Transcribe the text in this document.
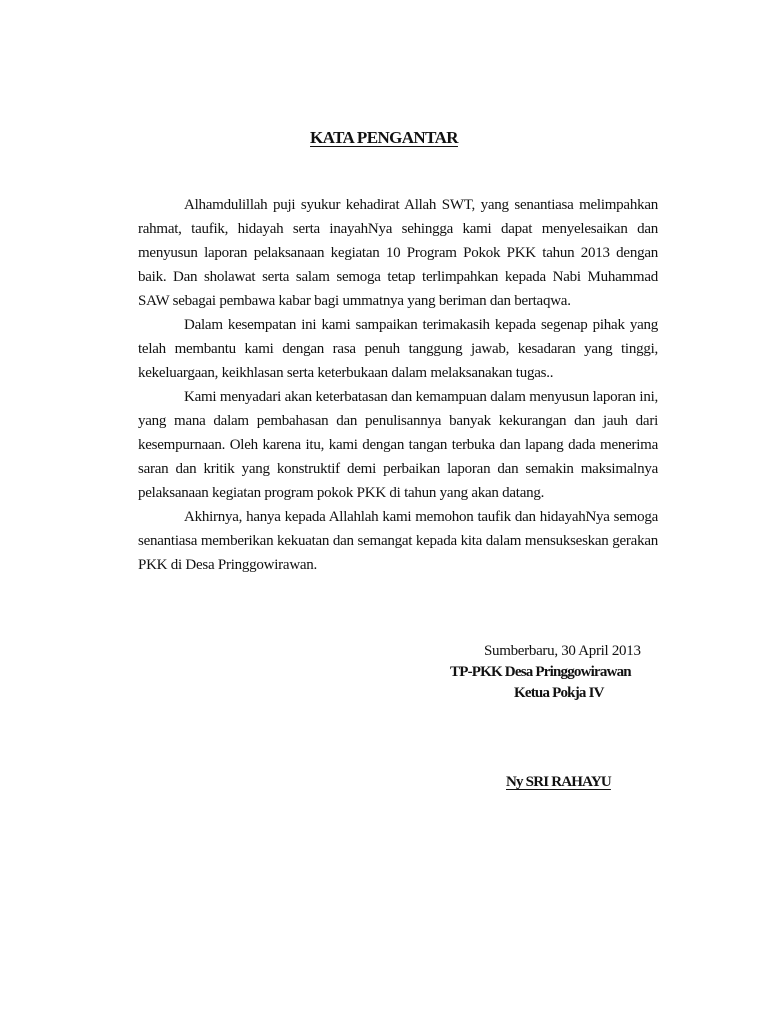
KATA PENGANTAR

Alhamdulillah puji syukur kehadirat Allah SWT, yang senantiasa melimpahkan rahmat, taufik, hidayah serta inayahNya sehingga kami dapat menyelesaikan dan menyusun laporan pelaksanaan kegiatan 10 Program Pokok PKK tahun 2013 dengan baik. Dan sholawat serta salam semoga tetap terlimpahkan kepada Nabi Muhammad SAW sebagai pembawa kabar bagi ummatnya yang beriman dan bertaqwa.

Dalam kesempatan ini kami sampaikan terimakasih kepada segenap pihak yang telah membantu kami dengan rasa penuh tanggung jawab, kesadaran yang tinggi, kekeluargaan, keikhlasan serta keterbukaan dalam melaksanakan tugas..

Kami menyadari akan keterbatasan dan kemampuan dalam menyusun laporan ini, yang mana dalam pembahasan dan penulisannya banyak kekurangan dan jauh dari kesempurnaan. Oleh karena itu, kami dengan tangan terbuka dan lapang dada menerima saran dan kritik yang konstruktif demi perbaikan laporan dan semakin maksimalnya pelaksanaan kegiatan program pokok PKK di tahun yang akan datang.

Akhirnya, hanya kepada Allahlah kami memohon taufik dan hidayahNya semoga senantiasa memberikan kekuatan dan semangat kepada kita dalam mensukseskan gerakan PKK di Desa Pringgowirawan.

Sumberbaru, 30 April 2013
TP-PKK Desa Pringgowirawan
Ketua Pokja IV
Ny SRI RAHAYU
